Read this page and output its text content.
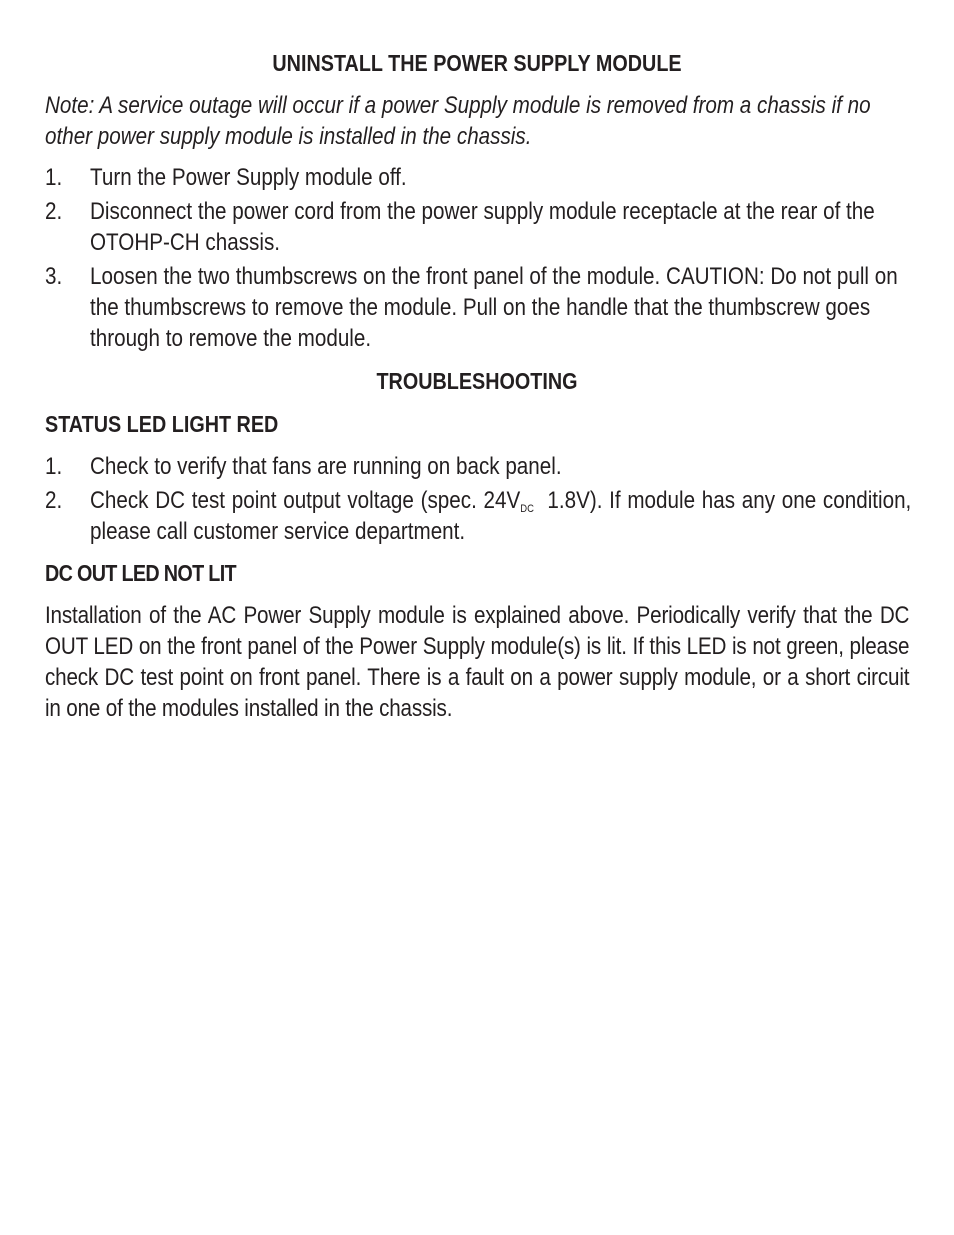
UNINSTALL THE POWER SUPPLY MODULE

Note: A service outage will occur if a power Supply module is removed from a chassis if no other power supply module is installed in the chassis.

1. Turn the Power Supply module off.
2. Disconnect the power cord from the power supply module receptacle at the rear of the OTOHP-CH chassis.
3. Loosen the two thumbscrews on the front panel of the module. CAUTION: Do not pull on the thumbscrews to remove the module. Pull on the handle that the thumbscrew goes through to remove the module.
TROUBLESHOOTING
STATUS LED LIGHT RED
1. Check to verify that fans are running on back panel.
2. Check DC test point output voltage (spec. $24V_{DC}$  1.8V). If module has any one condition, please call customer service department.
DC OUT LED NOT LIT

Installation of the AC Power Supply module is explained above. Periodically verify that the DC OUT LED on the front panel of the Power Supply module(s) is lit. If this LED is not green, please check DC test point on front panel. There is a fault on a power supply module, or a short circuit in one of the modules installed in the chassis.
